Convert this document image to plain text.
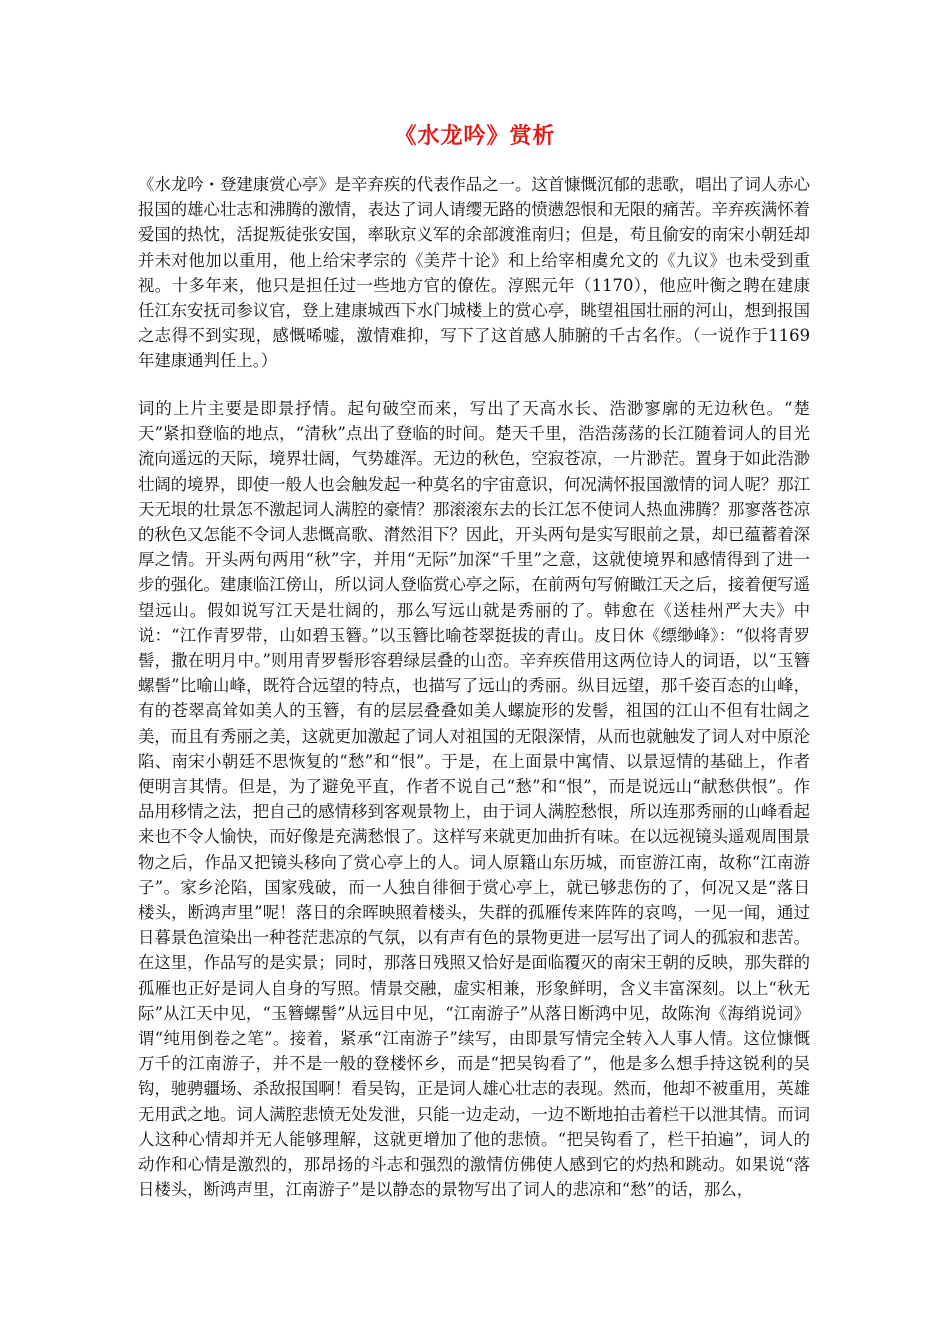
《水龙吟》赏析

《水龙吟・登建康赏心亭》是辛弃疾的代表作品之一。这首慷慨沉郁的悲歌，唱出了词人赤心报国的雄心壮志和沸腾的激情，表达了词人请缨无路的愤懑怨恨和无限的痛苦。辛弃疾满怀着爱国的热忱，活捉叛徒张安国，率耿京义军的余部渡淮南归；但是，苟且偷安的南宋小朝廷却并未对他加以重用，他上给宋孝宗的《美芹十论》和上给宰相虞允文的《九议》也未受到重视。十多年来，他只是担任过一些地方官的僚佐。淳熙元年（1170），他应叶衡之聘在建康任江东安抚司参议官，登上建康城西下水门城楼上的赏心亭，眺望祖国壮丽的河山，想到报国之志得不到实现，感慨唏嘘，激情难抑，写下了这首感人肺腑的千古名作。（一说作于1169年建康通判任上。）

词的上片主要是即景抒情。起句破空而来，写出了天高水长、浩渺寥廓的无边秋色。“楚天”紧扣登临的地点，“清秋”点出了登临的时间。楚天千里，浩浩荡荡的长江随着词人的目光流向遥远的天际，境界壮阔，气势雄浑。无边的秋色，空寂苍凉，一片渺茫。置身于如此浩渺壮阔的境界，即使一般人也会触发起一种莫名的宇宙意识，何况满怀报国激情的词人呢？那江天无垠的壮景怎不激起词人满腔的豪情？那滚滚东去的长江怎不使词人热血沸腾？那寥落苍凉的秋色又怎能不令词人悲慨高歌、潸然泪下？因此，开头两句是实写眼前之景，却已蕴蓄着深厚之情。开头两句两用“秋”字，并用“无际”加深“千里”之意，这就使境界和感情得到了进一步的强化。建康临江傍山，所以词人登临赏心亭之际，在前两句写俯瞰江天之后，接着便写遥望远山。假如说写江天是壮阔的，那么写远山就是秀丽的了。韩愈在《送桂州严大夫》中说：“江作青罗带，山如碧玉簪。”以玉簪比喻苍翠挺拔的青山。皮日休《缥缈峰》：“似将青罗髻，撒在明月中。”则用青罗髻形容碧绿层叠的山峦。辛弃疾借用这两位诗人的词语，以“玉簪螺髻”比喻山峰，既符合远望的特点，也描写了远山的秀丽。纵目远望，那千姿百态的山峰，有的苍翠高耸如美人的玉簪，有的层层叠叠如美人螺旋形的发髻，祖国的江山不但有壮阔之美，而且有秀丽之美，这就更加激起了词人对祖国的无限深情，从而也就触发了词人对中原沦陷、南宋小朝廷不思恢复的“愁”和“恨”。于是，在上面景中寓情、以景逗情的基础上，作者便明言其情。但是，为了避免平直，作者不说自己“愁”和“恨”，而是说远山“献愁供恨”。作品用移情之法，把自己的感情移到客观景物上，由于词人满腔愁恨，所以连那秀丽的山峰看起来也不令人愉快，而好像是充满愁恨了。这样写来就更加曲折有味。在以远视镜头遥观周围景物之后，作品又把镜头移向了赏心亭上的人。词人原籍山东历城，而宦游江南，故称“江南游子”。家乡沦陷，国家残破，而一人独自徘徊于赏心亭上，就已够悲伤的了，何况又是“落日楼头，断鸿声里”呢！落日的余晖映照着楼头，失群的孤雁传来阵阵的哀鸣，一见一闻，通过日暮景色渲染出一种苍茫悲凉的气氛，以有声有色的景物更进一层写出了词人的孤寂和悲苦。在这里，作品写的是实景；同时，那落日残照又恰好是面临覆灭的南宋王朝的反映，那失群的孤雁也正好是词人自身的写照。情景交融，虚实相兼，形象鲜明，含义丰富深刻。以上“秋无际”从江天中见，“玉簪螺髻”从远目中见，“江南游子”从落日断鸿中见，故陈洵《海绡说词》谓“纯用倒卷之笔”。接着，紧承“江南游子”续写，由即景写情完全转入人事人情。这位慷慨万千的江南游子，并不是一般的登楼怀乡，而是“把吴钩看了”，他是多么想手持这锐利的吴钩，驰骋疆场、杀敌报国啊！看吴钩，正是词人雄心壮志的表现。然而，他却不被重用，英雄无用武之地。词人满腔悲愤无处发泄，只能一边走动，一边不断地拍击着栏干以泄其情。而词人这种心情却并无人能够理解，这就更增加了他的悲愤。“把吴钩看了，栏干拍遍”，词人的动作和心情是激烈的，那昂扬的斗志和强烈的激情仿佛使人感到它的灼热和跳动。如果说“落日楼头，断鸿声里，江南游子”是以静态的景物写出了词人的悲凉和“愁”的话，那么，
